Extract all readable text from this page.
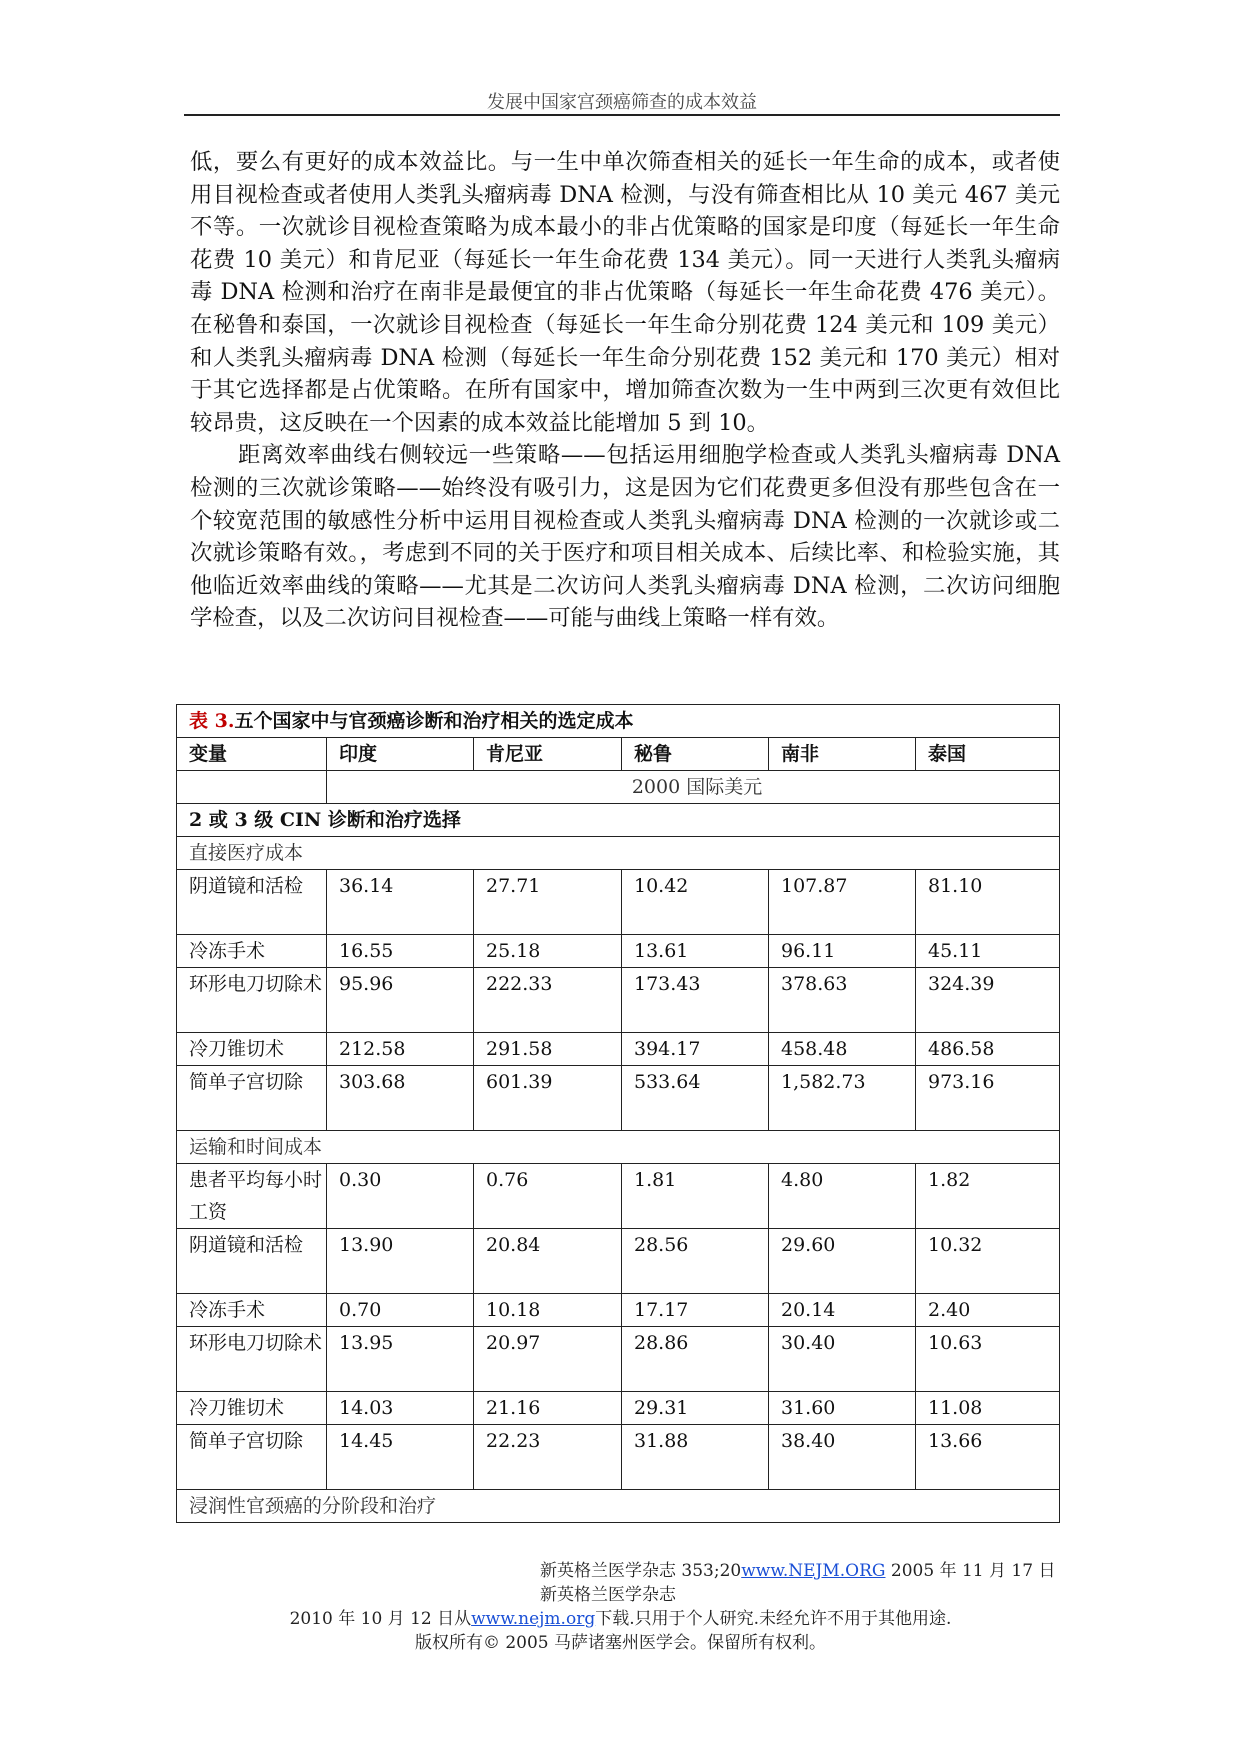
发展中国家宫颈癌筛查的成本效益

低，要么有更好的成本效益比。与一生中单次筛查相关的延长一年生命的成本，或者使用目视检查或者使用人类乳头瘤病毒 DNA 检测，与没有筛查相比从 10 美元 467 美元不等。一次就诊目视检查策略为成本最小的非占优策略的国家是印度（每延长一年生命花费 10 美元）和肯尼亚（每延长一年生命花费 134 美元）。同一天进行人类乳头瘤病毒 DNA 检测和治疗在南非是最便宜的非占优策略（每延长一年生命花费 476 美元）。在秘鲁和泰国，一次就诊目视检查（每延长一年生命分别花费 124 美元和 109 美元）和人类乳头瘤病毒 DNA 检测（每延长一年生命分别花费 152 美元和 170 美元）相对于其它选择都是占优策略。在所有国家中，增加筛查次数为一生中两到三次更有效但比较昂贵，这反映在一个因素的成本效益比能增加 5 到 10。

距离效率曲线右侧较远一些策略——包括运用细胞学检查或人类乳头瘤病毒 DNA 检测的三次就诊策略——始终没有吸引力，这是因为它们花费更多但没有那些包含在一个较宽范围的敏感性分析中运用目视检查或人类乳头瘤病毒 DNA 检测的一次就诊或二次就诊策略有效。，考虑到不同的关于医疗和项目相关成本、后续比率、和检验实施，其他临近效率曲线的策略——尤其是二次访问人类乳头瘤病毒 DNA 检测，二次访问细胞学检查，以及二次访问目视检查——可能与曲线上策略一样有效。

表 3.五个国家中与官颈癌诊断和治疗相关的选定成本					
变量	印度	肯尼亚	秘鲁	南非	泰国
	2000 国际美元				
2 或 3 级 CIN 诊断和治疗选择					
直接医疗成本					
阴道镜和活检	36.14	27.71	10.42	107.87	81.10
冷冻手术	16.55	25.18	13.61	96.11	45.11
环形电刀切除术	95.96	222.33	173.43	378.63	324.39
冷刀锥切术	212.58	291.58	394.17	458.48	486.58
简单子宫切除	303.68	601.39	533.64	1,582.73	973.16
运输和时间成本					
患者平均每小时工资	0.30	0.76	1.81	4.80	1.82
阴道镜和活检	13.90	20.84	28.56	29.60	10.32
冷冻手术	0.70	10.18	17.17	20.14	2.40
环形电刀切除术	13.95	20.97	28.86	30.40	10.63
冷刀锥切术	14.03	21.16	29.31	31.60	11.08
简单子宫切除	14.45	22.23	31.88	38.40	13.66
浸润性官颈癌的分阶段和治疗					
新英格兰医学杂志 353;20www.NEJM.ORG 2005 年 11 月 17 日
新英格兰医学杂志
2010 年 10 月 12 日从www.nejm.org下载.只用于个人研究.未经允许不用于其他用途.
版权所有© 2005 马萨诸塞州医学会。保留所有权利。
